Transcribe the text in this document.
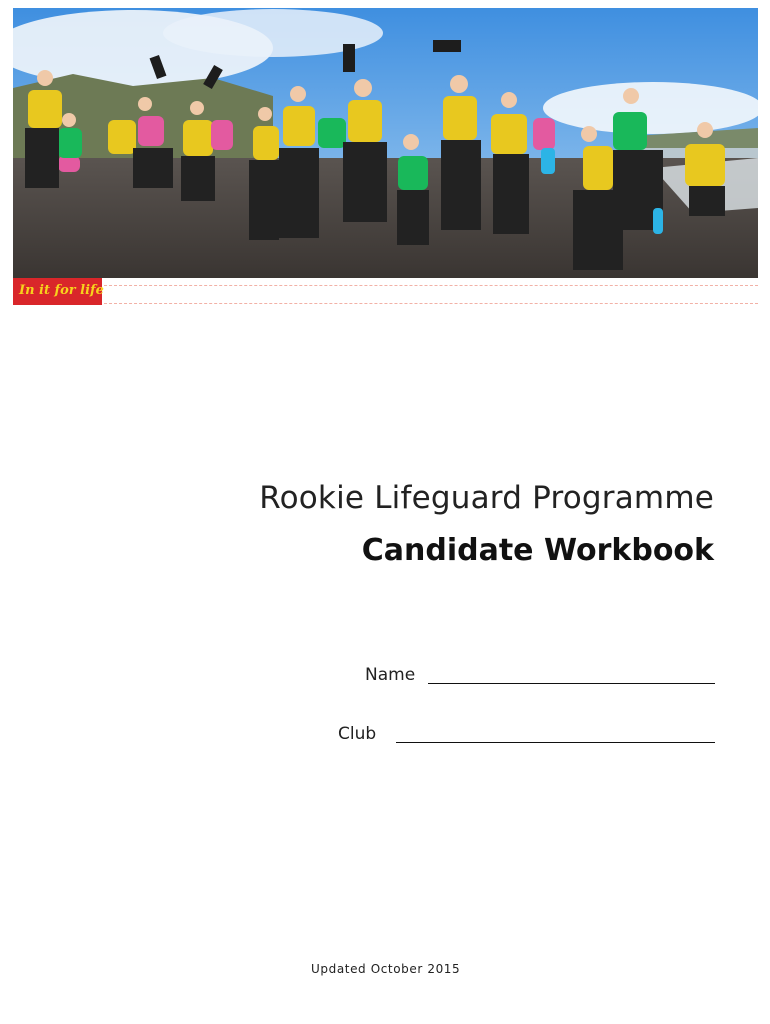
In it for life
Rookie Lifeguard Programme
Candidate Workbook
Name
Club
Updated October 2015
